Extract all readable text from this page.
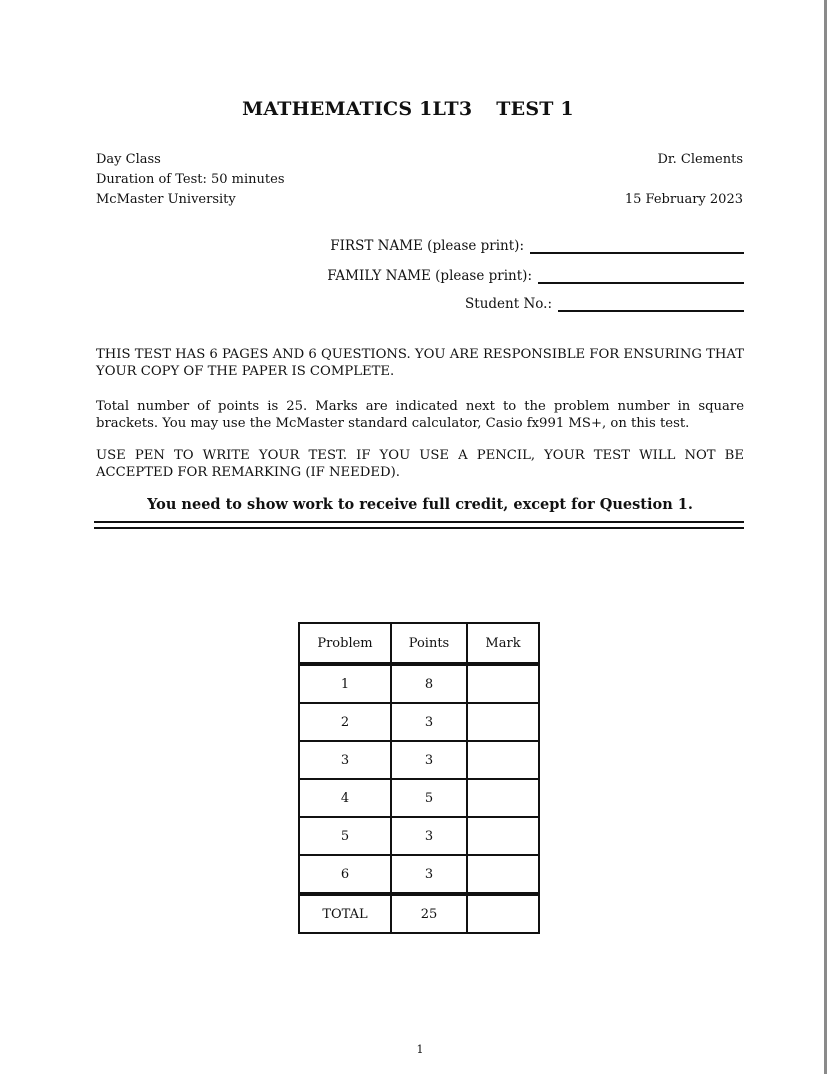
MATHEMATICS 1LT3 TEST 1
Day Class
Duration of Test: 50 minutes
McMaster University
Dr. Clements
15 February 2023
FIRST NAME (please print):
FAMILY NAME (please print):
Student No.:
THIS TEST HAS 6 PAGES AND 6 QUESTIONS. YOU ARE RESPONSIBLE FOR ENSURING THAT YOUR COPY OF THE PAPER IS COMPLETE.
Total number of points is 25. Marks are indicated next to the problem number in square brackets. You may use the McMaster standard calculator, Casio fx991 MS+, on this test.
USE PEN TO WRITE YOUR TEST. IF YOU USE A PENCIL, YOUR TEST WILL NOT BE ACCEPTED FOR REMARKING (IF NEEDED).
You need to show work to receive full credit, except for Question 1.
Problem	Points	Mark
1	8	
2	3	
3	3	
4	5	
5	3	
6	3	
TOTAL	25	
1
